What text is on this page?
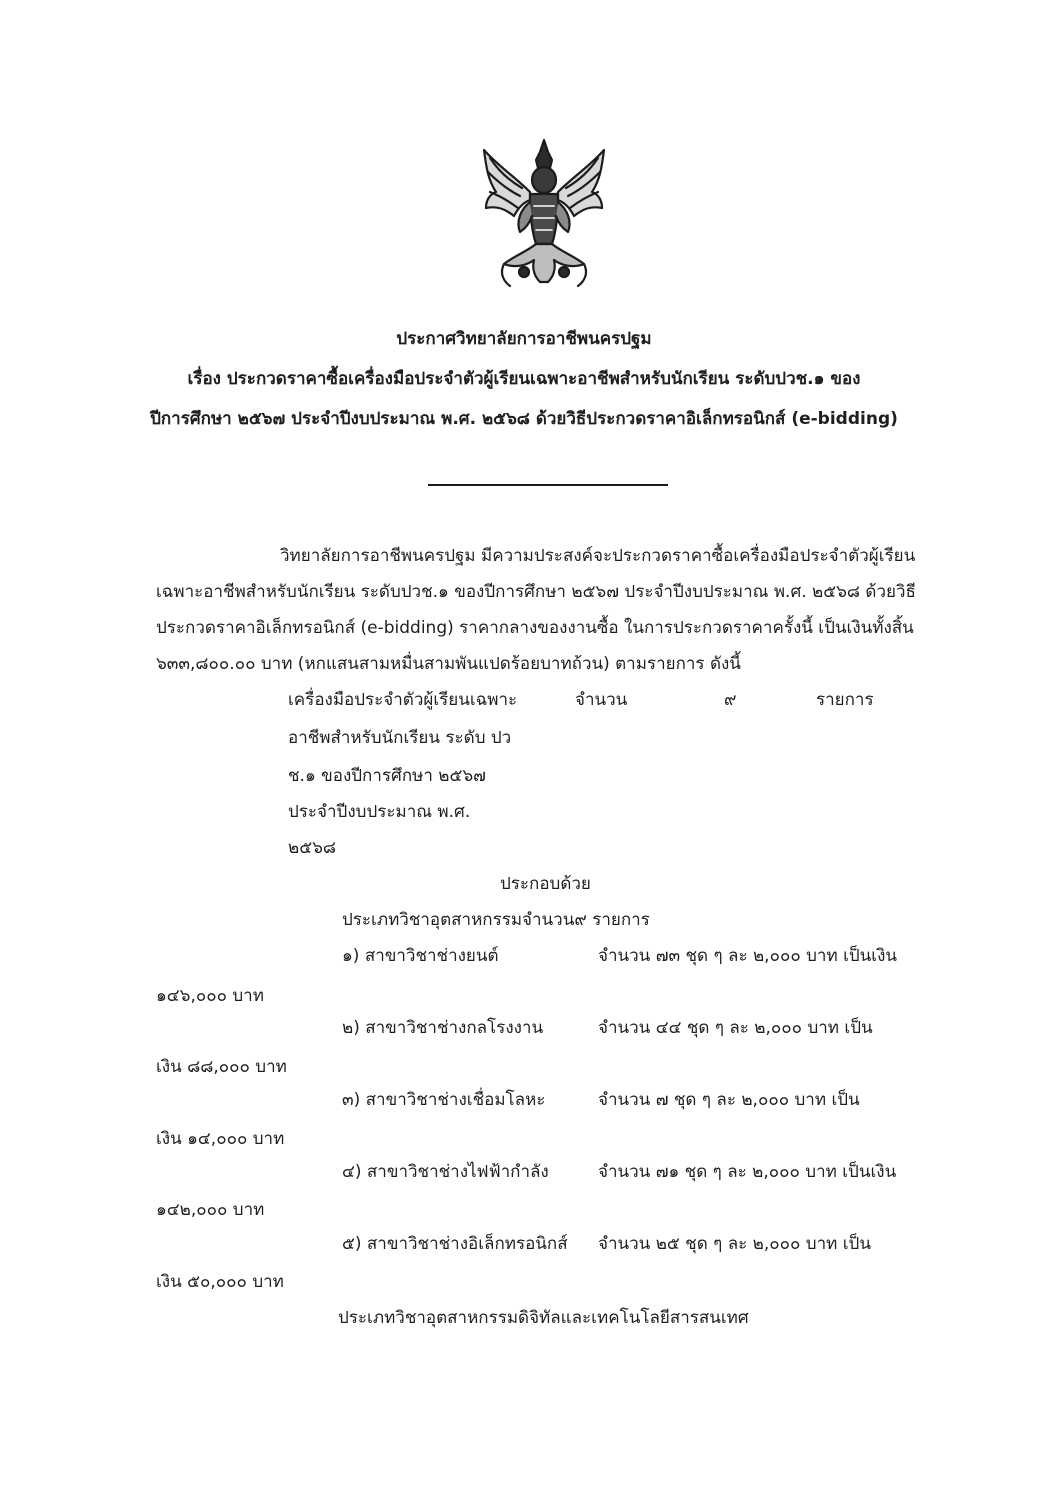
ประกาศวิทยาลัยการอาชีพนครปฐม
เรื่อง ประกวดราคาซื้อเครื่องมือประจำตัวผู้เรียนเฉพาะอาชีพสำหรับนักเรียน ระดับปวช.๑ ของ
ปีการศึกษา ๒๕๖๗ ประจำปีงบประมาณ พ.ศ. ๒๕๖๘ ด้วยวิธีประกวดราคาอิเล็กทรอนิกส์ (e-bidding)
วิทยาลัยการอาชีพนครปฐม มีความประสงค์จะประกวดราคาซื้อเครื่องมือประจำตัวผู้เรียน
เฉพาะอาชีพสำหรับนักเรียน ระดับปวช.๑ ของปีการศึกษา ๒๕๖๗ ประจำปีงบประมาณ พ.ศ. ๒๕๖๘ ด้วยวิธี
ประกวดราคาอิเล็กทรอนิกส์ (e-bidding) ราคากลางของงานซื้อ ในการประกวดราคาครั้งนี้ เป็นเงินทั้งสิ้น
๖๓๓,๘๐๐.๐๐ บาท (หกแสนสามหมื่นสามพันแปดร้อยบาทถ้วน) ตามรายการ ดังนี้
เครื่องมือประจำตัวผู้เรียนเฉพาะ
อาชีพสำหรับนักเรียน ระดับ ปว
ช.๑ ของปีการศึกษา ๒๕๖๗
ประจำปีงบประมาณ พ.ศ.
๒๕๖๘
จำนวน	๙	รายการ
ประกอบด้วย
ประเภทวิชาอุตสาหกรรมจำนวน๙ รายการ
๑) สาขาวิชาช่างยนต์	จำนวน ๗๓ ชุด ๆ ละ ๒,๐๐๐ บาท เป็นเงิน
๑๔๖,๐๐๐ บาท
๒) สาขาวิชาช่างกลโรงงาน	จำนวน ๔๔ ชุด ๆ ละ ๒,๐๐๐ บาท เป็น
เงิน ๘๘,๐๐๐ บาท
๓) สาขาวิชาช่างเชื่อมโลหะ	จำนวน ๗ ชุด ๆ ละ ๒,๐๐๐ บาท เป็น
เงิน ๑๔,๐๐๐ บาท
๔) สาขาวิชาช่างไฟฟ้ากำลัง	จำนวน ๗๑ ชุด ๆ ละ ๒,๐๐๐ บาท เป็นเงิน
๑๔๒,๐๐๐ บาท
๕) สาขาวิชาช่างอิเล็กทรอนิกส์ จำนวน ๒๕ ชุด ๆ ละ ๒,๐๐๐ บาท เป็น
เงิน ๕๐,๐๐๐ บาท
ประเภทวิชาอุตสาหกรรมดิจิทัลและเทคโนโลยีสารสนเทศ
